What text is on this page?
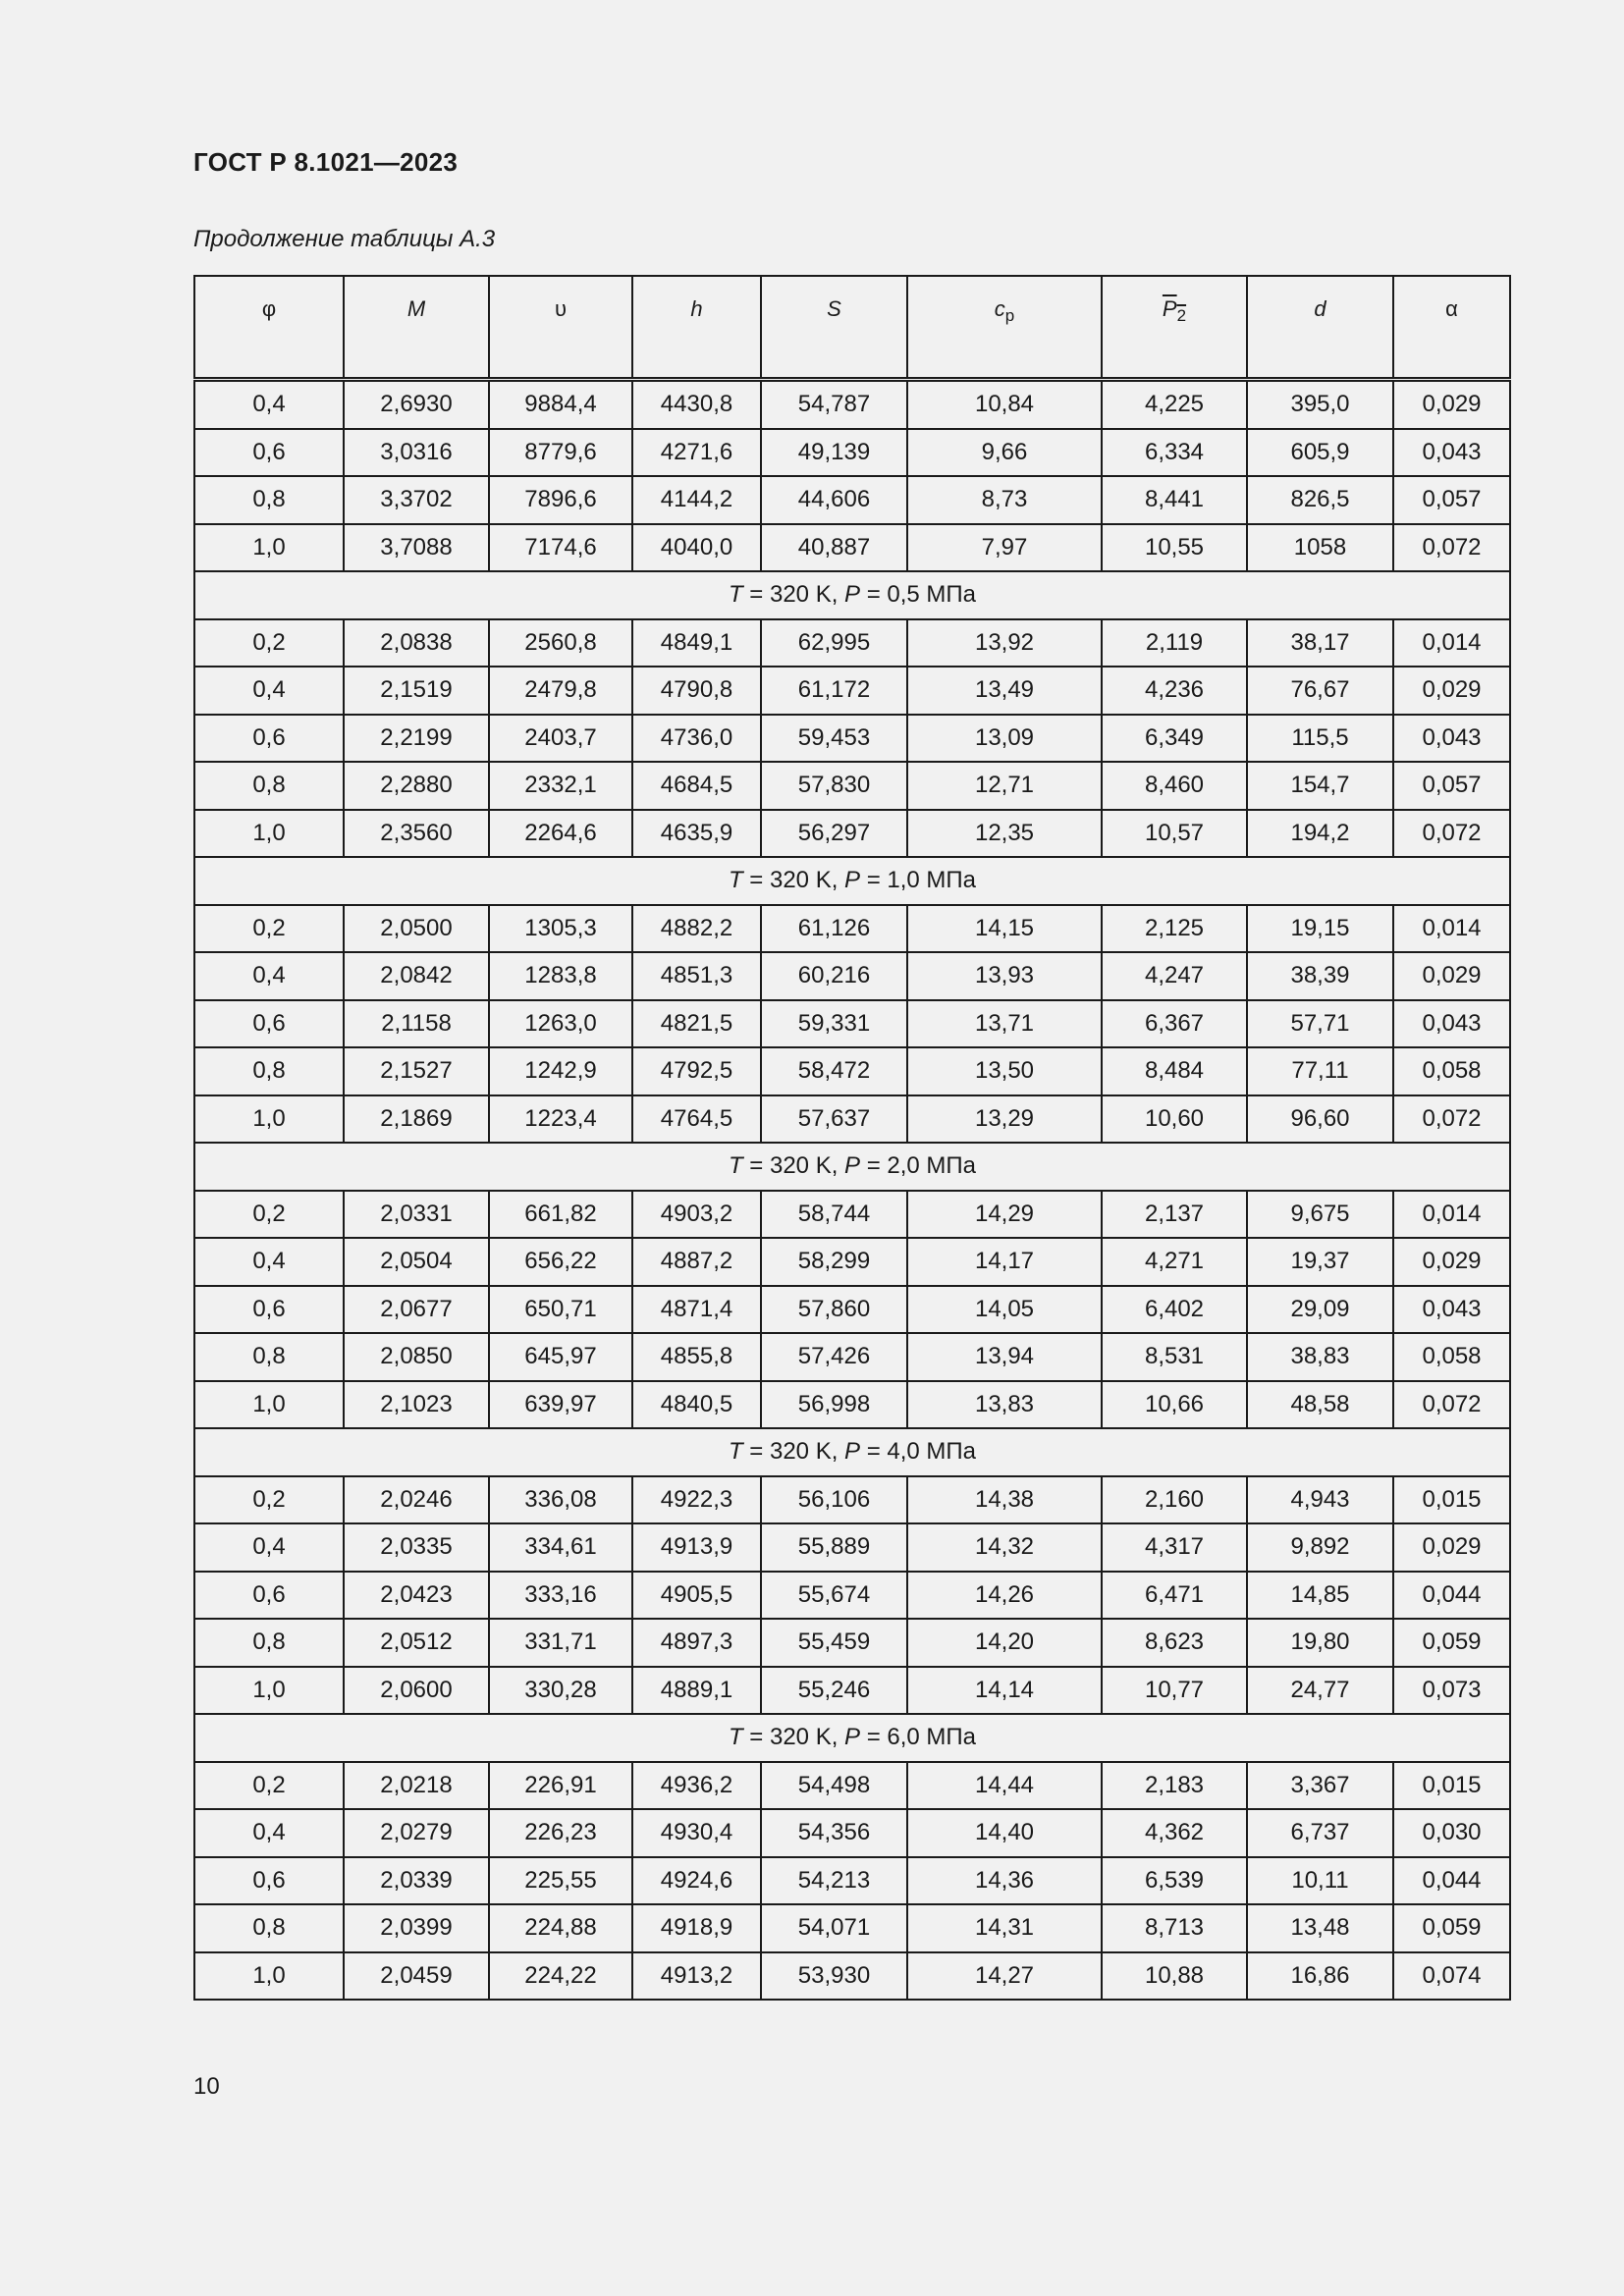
ГОСТ Р 8.1021—2023
Продолжение таблицы А.3
φ	M	υ	h	S	$c_p$	$P_2$	d	α
0,4	2,6930	9884,4	4430,8	54,787	10,84	4,225	395,0	0,029
0,6	3,0316	8779,6	4271,6	49,139	9,66	6,334	605,9	0,043
0,8	3,3702	7896,6	4144,2	44,606	8,73	8,441	826,5	0,057
1,0	3,7088	7174,6	4040,0	40,887	7,97	10,55	1058	0,072
T = 320 K, P = 0,5 МПа								
0,2	2,0838	2560,8	4849,1	62,995	13,92	2,119	38,17	0,014
0,4	2,1519	2479,8	4790,8	61,172	13,49	4,236	76,67	0,029
0,6	2,2199	2403,7	4736,0	59,453	13,09	6,349	115,5	0,043
0,8	2,2880	2332,1	4684,5	57,830	12,71	8,460	154,7	0,057
1,0	2,3560	2264,6	4635,9	56,297	12,35	10,57	194,2	0,072
T = 320 K, P = 1,0 МПа								
0,2	2,0500	1305,3	4882,2	61,126	14,15	2,125	19,15	0,014
0,4	2,0842	1283,8	4851,3	60,216	13,93	4,247	38,39	0,029
0,6	2,1158	1263,0	4821,5	59,331	13,71	6,367	57,71	0,043
0,8	2,1527	1242,9	4792,5	58,472	13,50	8,484	77,11	0,058
1,0	2,1869	1223,4	4764,5	57,637	13,29	10,60	96,60	0,072
T = 320 K, P = 2,0 МПа								
0,2	2,0331	661,82	4903,2	58,744	14,29	2,137	9,675	0,014
0,4	2,0504	656,22	4887,2	58,299	14,17	4,271	19,37	0,029
0,6	2,0677	650,71	4871,4	57,860	14,05	6,402	29,09	0,043
0,8	2,0850	645,97	4855,8	57,426	13,94	8,531	38,83	0,058
1,0	2,1023	639,97	4840,5	56,998	13,83	10,66	48,58	0,072
T = 320 K, P = 4,0 МПа								
0,2	2,0246	336,08	4922,3	56,106	14,38	2,160	4,943	0,015
0,4	2,0335	334,61	4913,9	55,889	14,32	4,317	9,892	0,029
0,6	2,0423	333,16	4905,5	55,674	14,26	6,471	14,85	0,044
0,8	2,0512	331,71	4897,3	55,459	14,20	8,623	19,80	0,059
1,0	2,0600	330,28	4889,1	55,246	14,14	10,77	24,77	0,073
T = 320 K, P = 6,0 МПа								
0,2	2,0218	226,91	4936,2	54,498	14,44	2,183	3,367	0,015
0,4	2,0279	226,23	4930,4	54,356	14,40	4,362	6,737	0,030
0,6	2,0339	225,55	4924,6	54,213	14,36	6,539	10,11	0,044
0,8	2,0399	224,88	4918,9	54,071	14,31	8,713	13,48	0,059
1,0	2,0459	224,22	4913,2	53,930	14,27	10,88	16,86	0,074
10
